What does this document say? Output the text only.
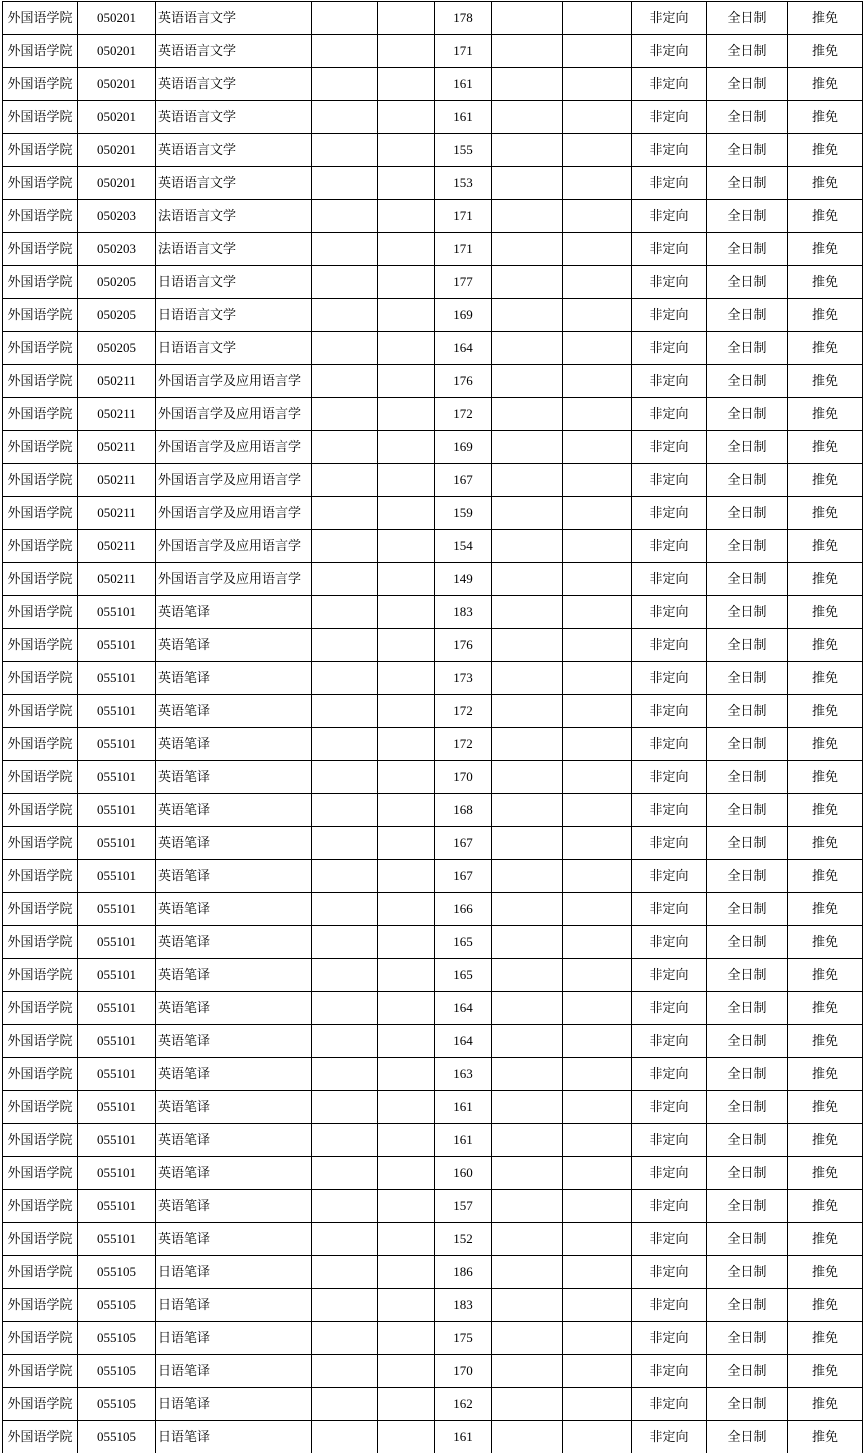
外国语学院	050201	英语语言文学			178			非定向	全日制	推免
外国语学院	050201	英语语言文学			171			非定向	全日制	推免
外国语学院	050201	英语语言文学			161			非定向	全日制	推免
外国语学院	050201	英语语言文学			161			非定向	全日制	推免
外国语学院	050201	英语语言文学			155			非定向	全日制	推免
外国语学院	050201	英语语言文学			153			非定向	全日制	推免
外国语学院	050203	法语语言文学			171			非定向	全日制	推免
外国语学院	050203	法语语言文学			171			非定向	全日制	推免
外国语学院	050205	日语语言文学			177			非定向	全日制	推免
外国语学院	050205	日语语言文学			169			非定向	全日制	推免
外国语学院	050205	日语语言文学			164			非定向	全日制	推免
外国语学院	050211	外国语言学及应用语言学			176			非定向	全日制	推免
外国语学院	050211	外国语言学及应用语言学			172			非定向	全日制	推免
外国语学院	050211	外国语言学及应用语言学			169			非定向	全日制	推免
外国语学院	050211	外国语言学及应用语言学			167			非定向	全日制	推免
外国语学院	050211	外国语言学及应用语言学			159			非定向	全日制	推免
外国语学院	050211	外国语言学及应用语言学			154			非定向	全日制	推免
外国语学院	050211	外国语言学及应用语言学			149			非定向	全日制	推免
外国语学院	055101	英语笔译			183			非定向	全日制	推免
外国语学院	055101	英语笔译			176			非定向	全日制	推免
外国语学院	055101	英语笔译			173			非定向	全日制	推免
外国语学院	055101	英语笔译			172			非定向	全日制	推免
外国语学院	055101	英语笔译			172			非定向	全日制	推免
外国语学院	055101	英语笔译			170			非定向	全日制	推免
外国语学院	055101	英语笔译			168			非定向	全日制	推免
外国语学院	055101	英语笔译			167			非定向	全日制	推免
外国语学院	055101	英语笔译			167			非定向	全日制	推免
外国语学院	055101	英语笔译			166			非定向	全日制	推免
外国语学院	055101	英语笔译			165			非定向	全日制	推免
外国语学院	055101	英语笔译			165			非定向	全日制	推免
外国语学院	055101	英语笔译			164			非定向	全日制	推免
外国语学院	055101	英语笔译			164			非定向	全日制	推免
外国语学院	055101	英语笔译			163			非定向	全日制	推免
外国语学院	055101	英语笔译			161			非定向	全日制	推免
外国语学院	055101	英语笔译			161			非定向	全日制	推免
外国语学院	055101	英语笔译			160			非定向	全日制	推免
外国语学院	055101	英语笔译			157			非定向	全日制	推免
外国语学院	055101	英语笔译			152			非定向	全日制	推免
外国语学院	055105	日语笔译			186			非定向	全日制	推免
外国语学院	055105	日语笔译			183			非定向	全日制	推免
外国语学院	055105	日语笔译			175			非定向	全日制	推免
外国语学院	055105	日语笔译			170			非定向	全日制	推免
外国语学院	055105	日语笔译			162			非定向	全日制	推免
外国语学院	055105	日语笔译			161			非定向	全日制	推免
